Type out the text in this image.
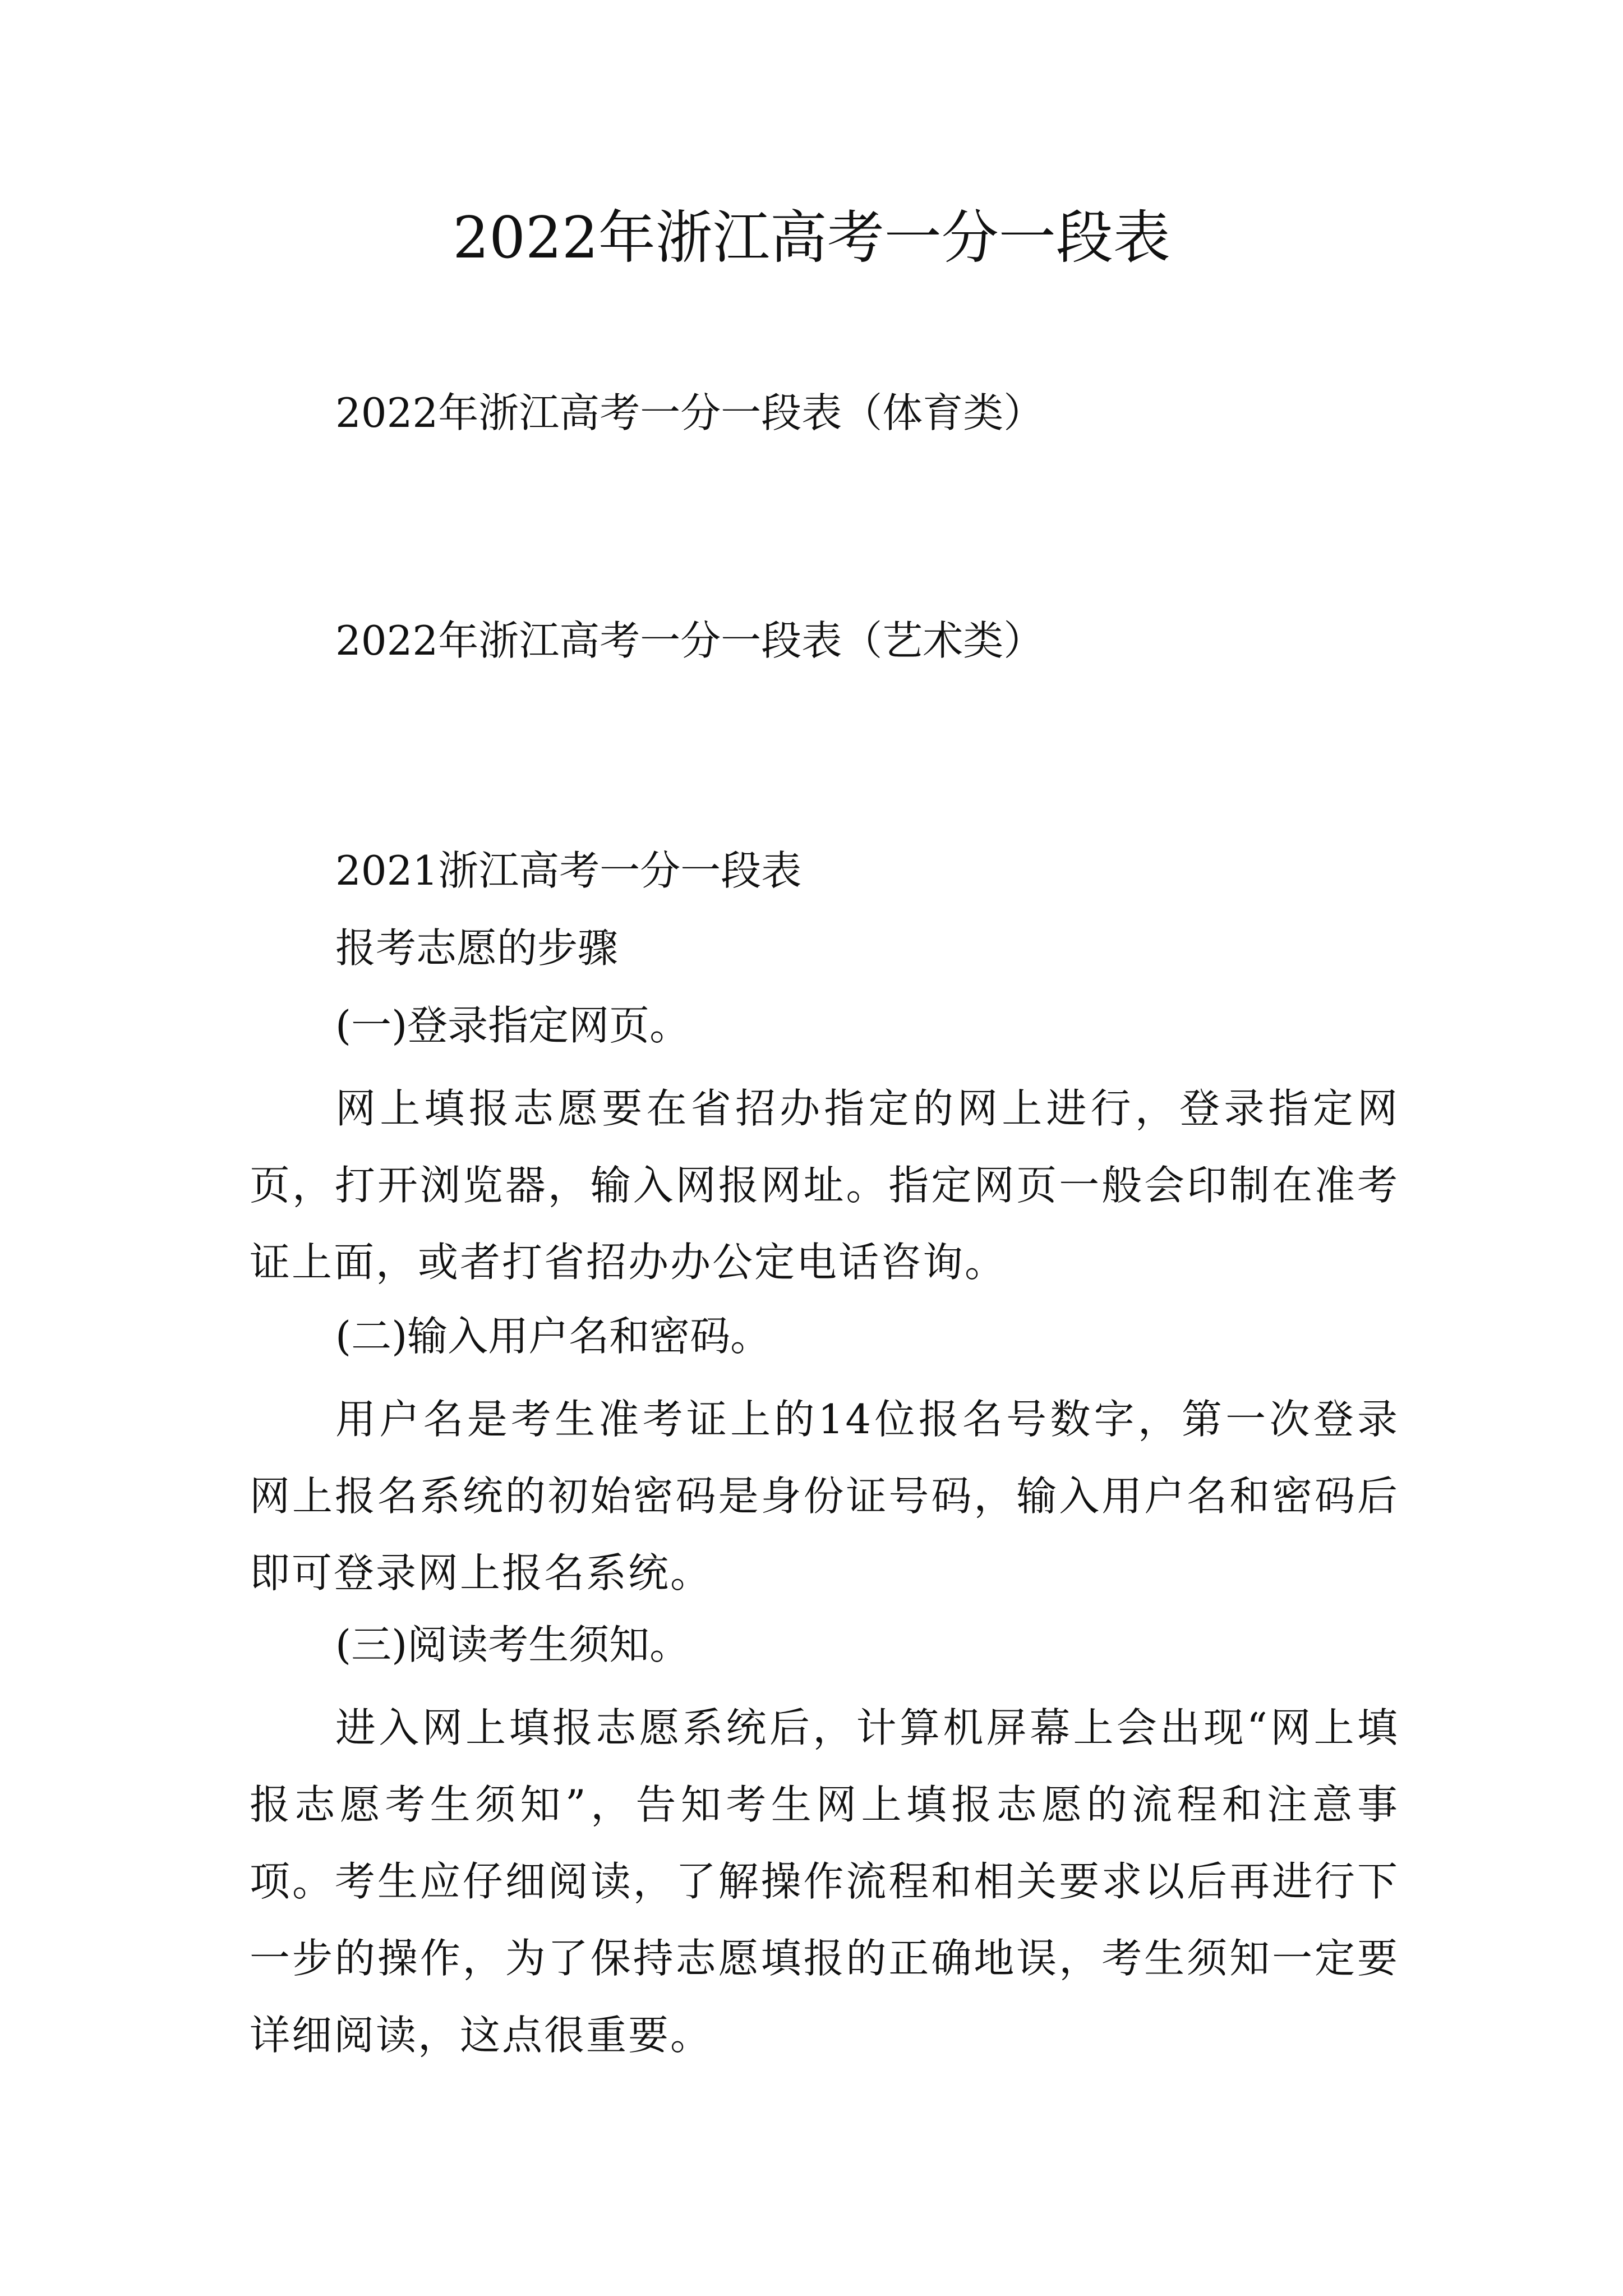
2022年浙江高考一分一段表

2022年浙江高考一分一段表（体育类）

2022年浙江高考一分一段表（艺术类）

2021浙江高考一分一段表

报考志愿的步骤

(一)登录指定网页。

网上填报志愿要在省招办指定的网上进行，登录指定网页，打开浏览器，输入网报网址。指定网页一般会印制在准考证上面，或者打省招办办公定电话咨询。

(二)输入用户名和密码。

用户名是考生准考证上的14位报名号数字，第一次登录网上报名系统的初始密码是身份证号码，输入用户名和密码后即可登录网上报名系统。

(三)阅读考生须知。

进入网上填报志愿系统后，计算机屏幕上会出现“网上填报志愿考生须知”，告知考生网上填报志愿的流程和注意事项。考生应仔细阅读，了解操作流程和相关要求以后再进行下一步的操作，为了保持志愿填报的正确地误，考生须知一定要详细阅读，这点很重要。
